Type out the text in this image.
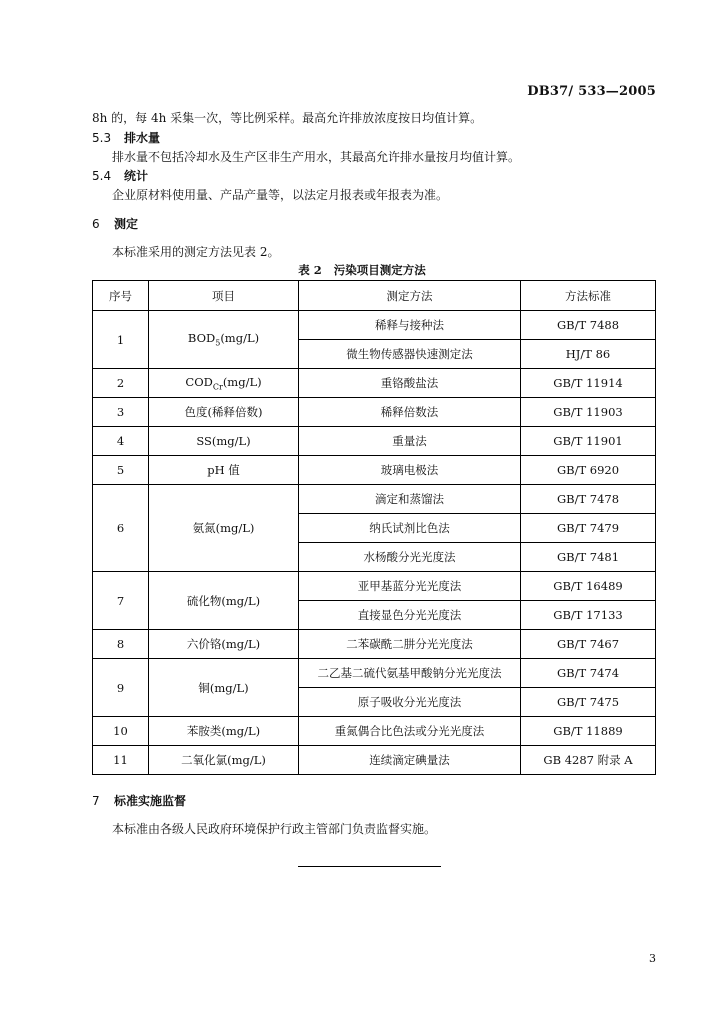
DB37/ 533—2005
8h 的，每 4h 采集一次，等比例采样。最高允许排放浓度按日均值计算。
5.3 排水量
排水量不包括冷却水及生产区非生产用水，其最高允许排水量按月均值计算。
5.4 统计
企业原材料使用量、产品产量等，以法定月报表或年报表为准。
6 测定
本标准采用的测定方法见表 2。
表 2 污染项目测定方法
序号	项目	测定方法	方法标准
1	$BOD_5(mg/L)$	稀释与接种法	GB/T 7488
		微生物传感器快速测定法	HJ/T 86
2	$COD_{Cr}(mg/L)$	重铬酸盐法	GB/T 11914
3	色度(稀释倍数)	稀释倍数法	GB/T 11903
4	SS(mg/L)	重量法	GB/T 11901
5	pH 值	玻璃电极法	GB/T 6920
6	氨氮(mg/L)	滴定和蒸馏法	GB/T 7478
		纳氏试剂比色法	GB/T 7479
		水杨酸分光光度法	GB/T 7481
7	硫化物(mg/L)	亚甲基蓝分光光度法	GB/T 16489
		直接显色分光光度法	GB/T 17133
8	六价铬(mg/L)	二苯碳酰二肼分光光度法	GB/T 7467
9	铜(mg/L)	二乙基二硫代氨基甲酸钠分光光度法	GB/T 7474
		原子吸收分光光度法	GB/T 7475
10	苯胺类(mg/L)	重氮偶合比色法或分光光度法	GB/T 11889
11	二氧化氯(mg/L)	连续滴定碘量法	GB 4287 附录 A
7 标准实施监督
本标准由各级人民政府环境保护行政主管部门负责监督实施。
3
